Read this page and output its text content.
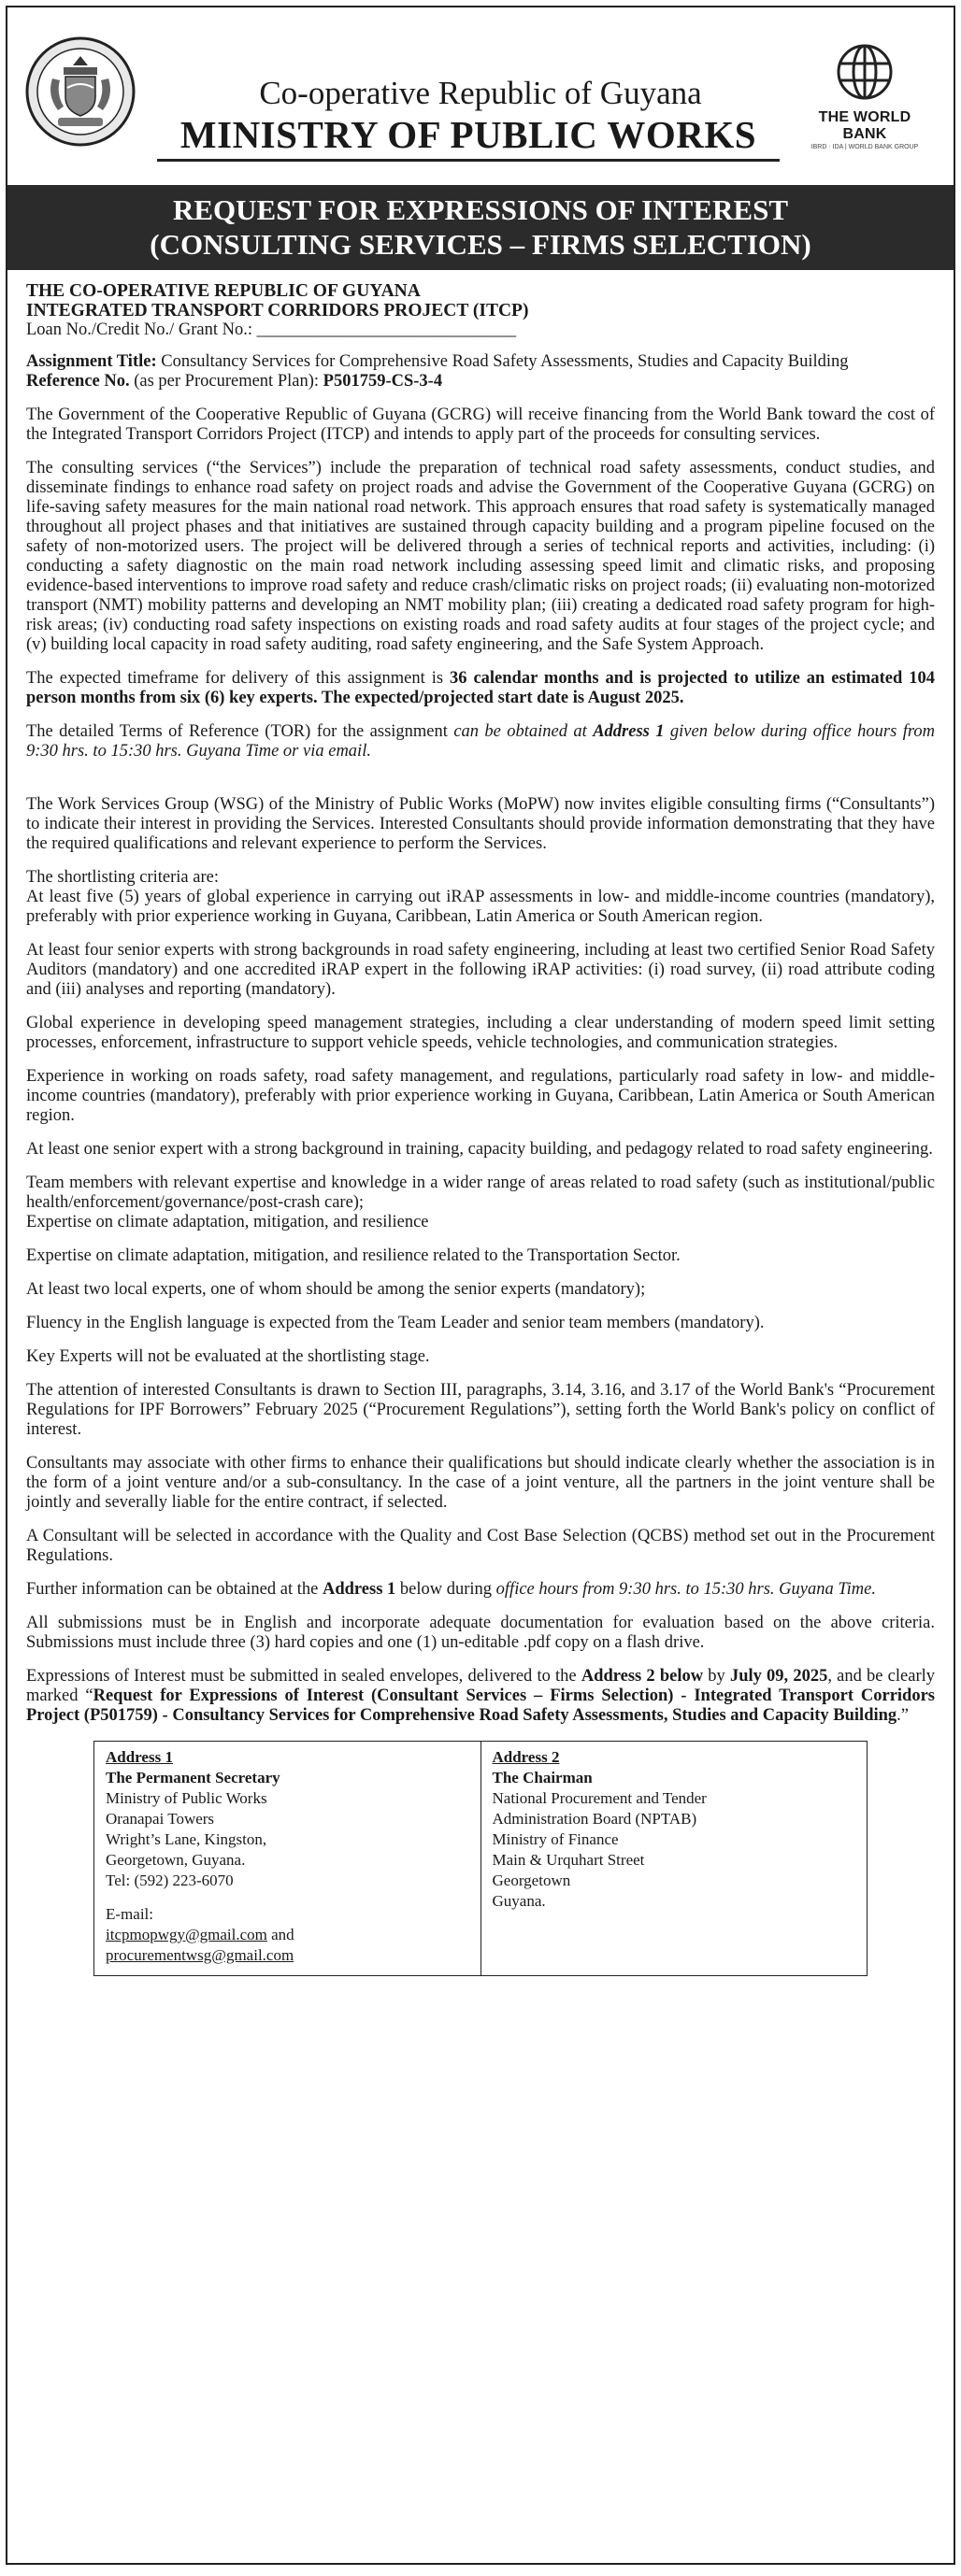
THE WORLD BANK
IBRD · IDA | WORLD BANK GROUP
Co-operative Republic of Guyana
MINISTRY OF PUBLIC WORKS
REQUEST FOR EXPRESSIONS OF INTEREST
(CONSULTING SERVICES – FIRMS SELECTION)

THE CO-OPERATIVE REPUBLIC OF GUYANA
INTEGRATED TRANSPORT CORRIDORS PROJECT (ITCP)
Loan No./Credit No./ Grant No.: ______________________________

Assignment Title: Consultancy Services for Comprehensive Road Safety Assessments, Studies and Capacity Building
Reference No. (as per Procurement Plan): P501759-CS-3-4

The Government of the Cooperative Republic of Guyana (GCRG) will receive financing from the World Bank toward the cost of the Integrated Transport Corridors Project (ITCP) and intends to apply part of the proceeds for consulting services.

The consulting services (“the Services”) include the preparation of technical road safety assessments, conduct studies, and disseminate findings to enhance road safety on project roads and advise the Government of the Cooperative Guyana (GCRG) on life-saving safety measures for the main national road network. This approach ensures that road safety is systematically managed throughout all project phases and that initiatives are sustained through capacity building and a program pipeline focused on the safety of non-motorized users. The project will be delivered through a series of technical reports and activities, including: (i) conducting a safety diagnostic on the main road network including assessing speed limit and climatic risks, and proposing evidence-based interventions to improve road safety and reduce crash/climatic risks on project roads; (ii) evaluating non-motorized transport (NMT) mobility patterns and developing an NMT mobility plan; (iii) creating a dedicated road safety program for high-risk areas; (iv) conducting road safety inspections on existing roads and road safety audits at four stages of the project cycle; and (v) building local capacity in road safety auditing, road safety engineering, and the Safe System Approach.

The expected timeframe for delivery of this assignment is 36 calendar months and is projected to utilize an estimated 104 person months from six (6) key experts. The expected/projected start date is August 2025.

The detailed Terms of Reference (TOR) for the assignment can be obtained at Address 1 given below during office hours from 9:30 hrs. to 15:30 hrs. Guyana Time or via email.

The Work Services Group (WSG) of the Ministry of Public Works (MoPW) now invites eligible consulting firms (“Consultants”) to indicate their interest in providing the Services. Interested Consultants should provide information demonstrating that they have the required qualifications and relevant experience to perform the Services.

The shortlisting criteria are:
At least five (5) years of global experience in carrying out iRAP assessments in low- and middle-income countries (mandatory), preferably with prior experience working in Guyana, Caribbean, Latin America or South American region.

At least four senior experts with strong backgrounds in road safety engineering, including at least two certified Senior Road Safety Auditors (mandatory) and one accredited iRAP expert in the following iRAP activities: (i) road survey, (ii) road attribute coding and (iii) analyses and reporting (mandatory).

Global experience in developing speed management strategies, including a clear understanding of modern speed limit setting processes, enforcement, infrastructure to support vehicle speeds, vehicle technologies, and communication strategies.

Experience in working on roads safety, road safety management, and regulations, particularly road safety in low- and middle-income countries (mandatory), preferably with prior experience working in Guyana, Caribbean, Latin America or South American region.

At least one senior expert with a strong background in training, capacity building, and pedagogy related to road safety engineering.

Team members with relevant expertise and knowledge in a wider range of areas related to road safety (such as institutional/public health/enforcement/governance/post-crash care);
Expertise on climate adaptation, mitigation, and resilience

Expertise on climate adaptation, mitigation, and resilience related to the Transportation Sector.

At least two local experts, one of whom should be among the senior experts (mandatory);

Fluency in the English language is expected from the Team Leader and senior team members (mandatory).

Key Experts will not be evaluated at the shortlisting stage.

The attention of interested Consultants is drawn to Section III, paragraphs, 3.14, 3.16, and 3.17 of the World Bank's “Procurement Regulations for IPF Borrowers” February 2025 (“Procurement Regulations”), setting forth the World Bank's policy on conflict of interest.

Consultants may associate with other firms to enhance their qualifications but should indicate clearly whether the association is in the form of a joint venture and/or a sub-consultancy. In the case of a joint venture, all the partners in the joint venture shall be jointly and severally liable for the entire contract, if selected.

A Consultant will be selected in accordance with the Quality and Cost Base Selection (QCBS) method set out in the Procurement Regulations.

Further information can be obtained at the Address 1 below during office hours from 9:30 hrs. to 15:30 hrs. Guyana Time.

All submissions must be in English and incorporate adequate documentation for evaluation based on the above criteria. Submissions must include three (3) hard copies and one (1) un-editable .pdf copy on a flash drive.

Expressions of Interest must be submitted in sealed envelopes, delivered to the Address 2 below by July 09, 2025, and be clearly marked “Request for Expressions of Interest (Consultant Services – Firms Selection) - Integrated Transport Corridors Project (P501759) - Consultancy Services for Comprehensive Road Safety Assessments, Studies and Capacity Building.”

Address 1
The Permanent Secretary
Ministry of Public Works
Oranapai Towers
Wright’s Lane, Kingston,
Georgetown, Guyana.
Tel: (592) 223-6070
E-mail:
itcpmopwgy@gmail.com and
procurementwsg@gmail.com
Address 2
The Chairman
National Procurement and Tender
Administration Board (NPTAB)
Ministry of Finance
Main & Urquhart Street
Georgetown
Guyana.
